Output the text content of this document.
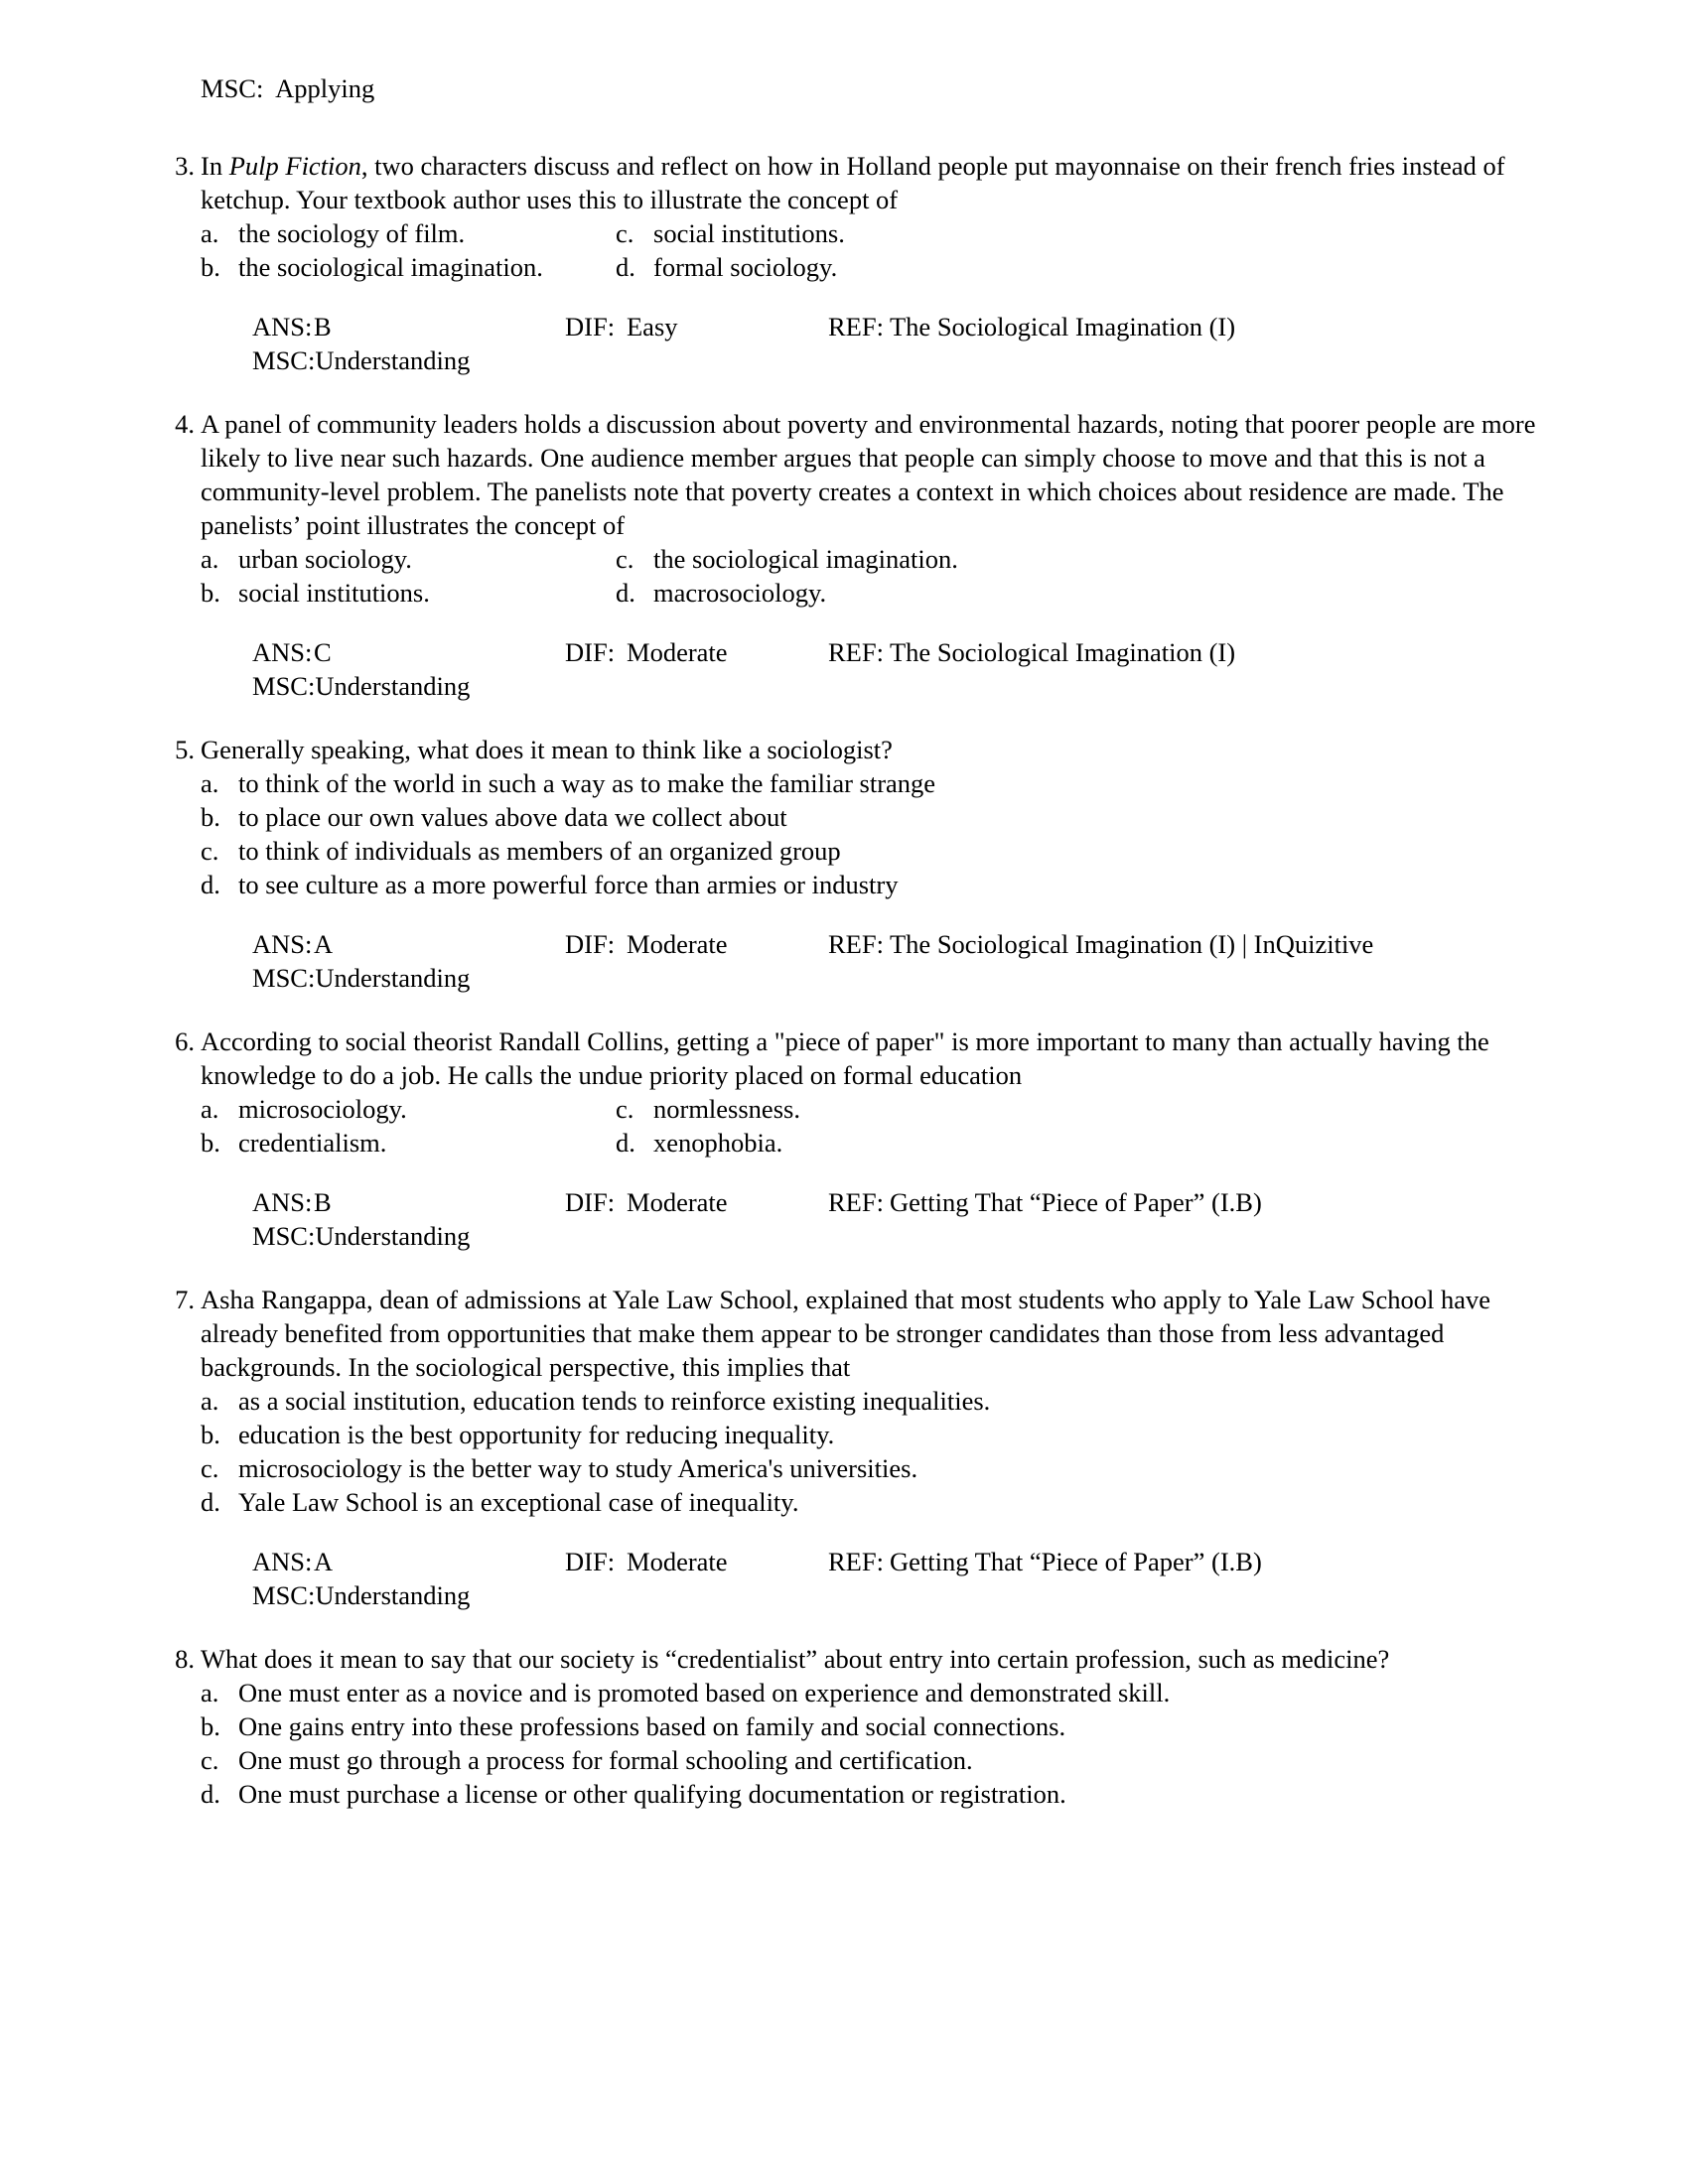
MSC:  Applying
3. In Pulp Fiction, two characters discuss and reflect on how in Holland people put mayonnaise on their french fries instead of ketchup. Your textbook author uses this to illustrate the concept of
a. the sociology of film.	c. social institutions.
b. the sociological imagination.	d. formal sociology.
ANS:B	DIF: Easy	REF: The Sociological Imagination (I)
MSC:Understanding
4. A panel of community leaders holds a discussion about poverty and environmental hazards, noting that poorer people are more likely to live near such hazards. One audience member argues that people can simply choose to move and that this is not a community-level problem. The panelists note that poverty creates a context in which choices about residence are made. The panelists’ point illustrates the concept of
a. urban sociology.	c. the sociological imagination.
b. social institutions.	d. macrosociology.
ANS:C	DIF: Moderate	REF: The Sociological Imagination (I)
MSC:Understanding
5. Generally speaking, what does it mean to think like a sociologist?
a. to think of the world in such a way as to make the familiar strange
b. to place our own values above data we collect about
c. to think of individuals as members of an organized group
d. to see culture as a more powerful force than armies or industry
ANS:A	DIF: Moderate	REF: The Sociological Imagination (I) | InQuizitive
MSC:Understanding
6. According to social theorist Randall Collins, getting a "piece of paper" is more important to many than actually having the knowledge to do a job. He calls the undue priority placed on formal education
a. microsociology.	c. normlessness.
b. credentialism.	d. xenophobia.
ANS:B	DIF: Moderate	REF: Getting That “Piece of Paper” (I.B)
MSC:Understanding
7. Asha Rangappa, dean of admissions at Yale Law School, explained that most students who apply to Yale Law School have already benefited from opportunities that make them appear to be stronger candidates than those from less advantaged backgrounds. In the sociological perspective, this implies that
a. as a social institution, education tends to reinforce existing inequalities.
b. education is the best opportunity for reducing inequality.
c. microsociology is the better way to study America's universities.
d. Yale Law School is an exceptional case of inequality.
ANS:A	DIF: Moderate	REF: Getting That “Piece of Paper” (I.B)
MSC:Understanding
8. What does it mean to say that our society is “credentialist” about entry into certain profession, such as medicine?
a. One must enter as a novice and is promoted based on experience and demonstrated skill.
b. One gains entry into these professions based on family and social connections.
c. One must go through a process for formal schooling and certification.
d. One must purchase a license or other qualifying documentation or registration.
